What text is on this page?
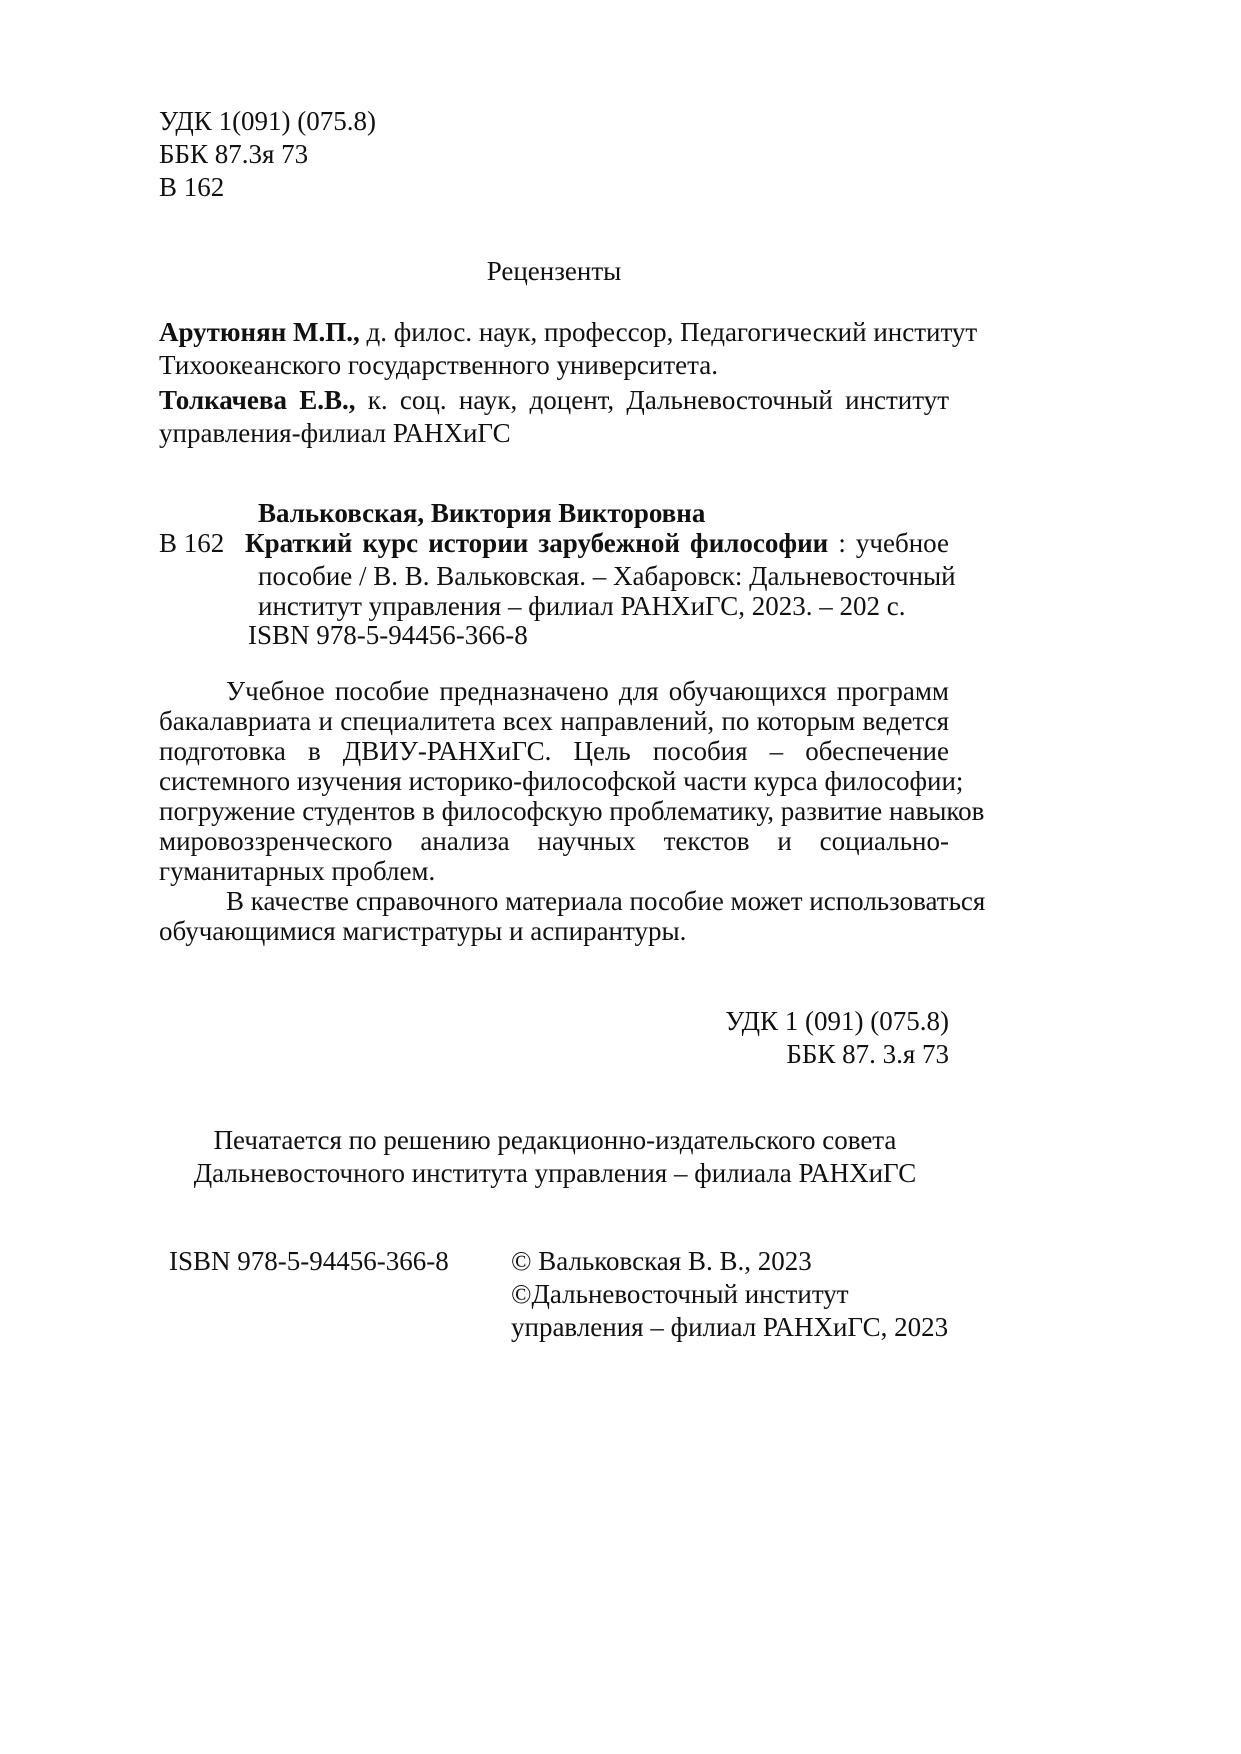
УДК 1(091) (075.8)
ББК 87.3я 73
В 162
Рецензенты
Арутюнян М.П., д. филос. наук, профессор, Педагогический институт
Тихоокеанского государственного университета.
Толкачева Е.В., к. соц. наук, доцент, Дальневосточный институт
управления-филиал РАНХиГС
Вальковская, Виктория Викторовна
В 162 Краткий курс истории зарубежной философии : учебное
пособие / В. В. Вальковская. – Хабаровск: Дальневосточный
институт управления – филиал РАНХиГС, 2023. – 202 с.
ISBN 978-5-94456-366-8
Учебное пособие предназначено для обучающихся программ
бакалавриата и специалитета всех направлений, по которым ведется
подготовка в ДВИУ-РАНХиГС. Цель пособия – обеспечение
системного изучения историко-философской части курса философии;
погружение студентов в философскую проблематику, развитие навыков
мировоззренческого анализа научных текстов и социально-
гуманитарных проблем.
В качестве справочного материала пособие может использоваться
обучающимися магистратуры и аспирантуры.
УДК 1 (091) (075.8)
ББК 87. 3.я 73
Печатается по решению редакционно-издательского совета
Дальневосточного института управления – филиала РАНХиГС
ISBN 978-5-94456-366-8	© Вальковская В. В., 2023
©Дальневосточный институт
управления – филиал РАНХиГС, 2023
